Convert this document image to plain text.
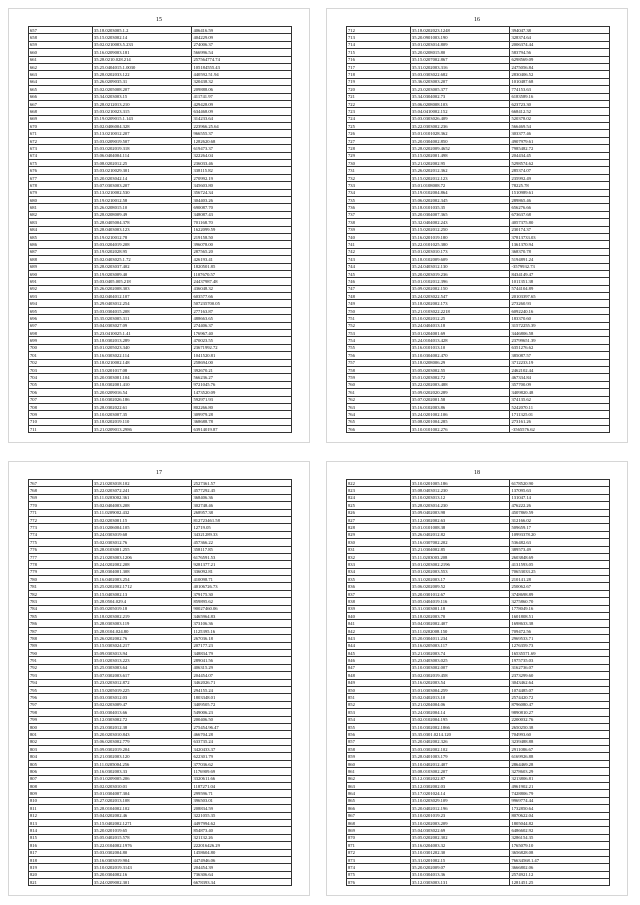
15
657	35.18.0203005.1.2	406416.59
658	35.15.0203002.14	404229.09
659	35.02.0210003.5.233	274006.37
660	35.16.0209003.181	566996.54
661	35.28.0210.028.214	257564774.74
662	35.25.0404015.1.0030	105184555.43
663	35.28.0202033.122	440592.51.94
664	35.26.0209035.31	320438.32
665	35.02.0205008.207	209888.06
666	35.34.0203003.15	411741.97
667	35.28.0212013.210	429428.09
668	35.03.0210023.315	634468.09
669	35.19.0209015.1.143	314233.64
670	35.02.0406004.328	223966.25.64
671	35.13.0210012.207	966555.37
672	35.03.0209019.507	1282620.68
673	35.03.0202019.318	619473.37
674	35.06.0404004.114	322264.04
675	35.08.0202012.25	236033.46
676	35.03.0210029.301	338115.82
677	35.20.0203042.14	270992.19
678	35.07.0303003.207	345603.80
679	35.13.0210002.530	356724.34
680	35.19.0210012.58	304403.26
681	35.26.0208015.10	690087.70
682	35.28.0208009.49	348087.43
683	35.28.0405004.378	701168.70
684	35.28.0403003.123	1622099.59
685	35.19.0210012.78	219158.50
686	35.03.0204019.208	396078.00
687	35.19.0202028.95	287565.20
688	35.02.0403025.1.72	426193.41
689	35.28.0203037.402	1820501.85
690	35.19.0203009.40	1107670.57
691	35.03.0405.005.218	24437987.48
692	35.26.0202008.303	436048.32
693	35.02.0404012.107	603577.66
694	35.29.0403012.254	507235700.05
695	35.03.0304015.208	277163.87
696	35.35.0203005.311	488663.65
697	35.04.0303027.09	274406.37
698	35.23.0410025.1.41	176967.40
699	35.18.0302013.289	470023.55
700	35.01.0205023.340	23671992.72
701	35.16.0303022.114	1041520.81
702	35.18.0210002.148	258694.00
703	35.15.0201017.08	392670.21
704	35.20.0303001.104	566236.27
705	35.18.0302001.410	9721045.76
706	35.20.0209016.54	1473520.09
707	35.10.0302026.186	592971.93
708	35.28.0302022.61	802266.80
709	35.10.0203007.35	309979.28
710	35.18.0202019.110	368688.78
711	35.21.0209013.2986	63914019.87
16
712	35.18.0202023.1248	394047.38
713	35.20.0901003.190	328374.64
714	35.01.0203014.809	2006374.44
715	35.20.0208015.80	583794.56
716	35.15.0207002.867	6298569.09
717	35.31.0202003.316	2475056.84
718	35.03.0303022.682	2830406.52
719	35.36.0203003.207	1010487.68
720	35.23.0203005.377	774153.63
721	35.34.0304002.73	6183589.16
722	35.06.0208008.103	623723.30
723	35.04.0410002.152	668412.52
724	35.03.0303026.409	520378.02
725	35.22.0303002.236	566469.54
726	35.01.0101028.362	303377.46
727	35.20.0304002.850	4907979.61
728	35.28.0202009.4652	7985482.72
729	35.15.0202001.498	204434.45
730	35.21.0202002.95	5298574.62
731	35.26.0202012.362	285374.07
732	35.15.0202012.123	235992.49
733	35.01.0108008.72	78225.78
734	35.19.0102004.864	1510989.61
735	35.06.0202002.345	289865.46
736	35.18.0101035.35	656276.66
737	35.20.0304007.365	673637.68
738	35.32.0404002.243	4057375.80
739	35.15.0202012.250	230174.37
740	35.16.0201019.180	37813733.03
741	35.22.0101025.380	1361370.94
742	35.01.0203010.173	368370.78
743	35.18.0102009.609	5194891.24
744	35.24.0403012.130	-3579932.73
745	35.20.0203019.236	8434149.47
746	35.01.0102012.396	1011351.38
747	35.09.0202002.150	5744104.89
748	35.24.0203022.547	20103397.65
749	35.18.0202002.173	273260.93
750	35.21.0103022.2218	6092240.16
751	35.10.0202012.25	183370.60
752	35.24.0404013.18	31572255.39
753	35.01.0204001.69	3446806.58
754	35.24.0104013.428	23799651.39
755	35.16.0101013.10	6351276.62
756	35.10.0304002.470	385087.57
757	35.18.0208006.29	3712233.19
758	35.05.0203002.55	2462102.44
759	35.01.0203002.72	467334.84
760	35.22.0202003.488	357700.09
761	35.09.0202020.289	3409820.48
762	35.07.0202001.58	374135.62
763	35.16.0102003.86	5242070.11
764	35.24.0201002.106	1711325.01
765	35.08.0201004.285	273161.26
766	35.10.0101002.276	-3565576.62
17
767	35.21.0203018.102	2527361.57
768	35.22.0203072.241	4577292.45
769	35.11.0203002.361	368406.36
770	35.02.0404003.208	302748.46
771	35.11.0209002.432	268957.38
772	35.02.0203001.15	812723461.58
773	35.01.0206004.105	12719.05
774	35.24.0303019.68	34321289.33
775	35.02.0303012.76	457366.22
776	35.28.0103001.255	358117.85
777	35.21.0203003.1206	6176591.53
778	35.24.0202002.208	9281377.21
779	35.28.0304001.308	336092.81
780	35.16.0402003.254	410098.71
781	35.25.0202002.1712	40106726.73
782	35.15.0403002.13	379175.30
783	35.28.0504.029.4	859895.62
784	35.05.0205019.18	90027460.06
785	35.18.0203002.219	3465964.83
786	35.28.0303003.119	373106.36
787	35.28.0104.024.80	1125395.16
788	35.26.0202002.76	267036.18
789	35.15.0303024.217	207177.23
790	35.09.0303013.94	348834.79
791	35.01.0203013.223	289041.56
792	35.25.0303003.64	406315.29
793	35.07.0302003.617	204454.07
794	35.23.0203012.872	3462026.71
795	35.15.0205019.225	294155.24
796	35.03.0303012.03	1803348.01
797	35.02.0203009.47	3409505.72
798	35.03.0304013.66	549006.23
799	35.12.0303002.72	200406.50
800	35.23.0302012.38	275454.96.47
801	35.20.0203010.843	466704.28
802	35.06.0203002.779	633735.24
803	35.09.0302019.204	3420433.37
804	35.21.0302003.120	622301.79
805	35.11.0205004.256	377036.62
806	35.16.0302003.33	1176909.69
807	35.01.0209005.206	3320611.66
808	35.02.0203010.01	1187271.04
809	35.01.0304007.304	299596.71
810	35.27.0202013.108	396503.01
811	35.28.0104002.102	208834.59
812	35.04.0202002.46	3221055.35
813	35.15.0402002.1271	4497994.62
814	35.20.0201019.65	854873.40
815	35.05.0402015.578	321132.26
816	35.22.0104002.1976	222016426.29
817	35.03.0302004.80	1458604.80
818	35.16.0303019.904	4474946.06
819	35.10.0202019.3143	204454.39
820	35.20.0304002.16	736306.64
821	35.24.0209002.301	6678393.34
18
822	35.10.0201005.186	6178520.90
823	35.08.0403012.230	137095.63
824	35.10.0203013.12	131047.14
825	35.28.0203014.230	476222.26
826	35.09.0402003.98	4507869.59
827	35.12.0302002.63	312166.02
828	35.01.0101008.38	509659.17
829	35.26.0402012.82	10993378.20
830	35.16.0307002.202	536482.63
831	35.21.0304002.85	389573.49
832	35.11.0203003.208	2603848.69
833	35.01.0203002.2196	4131593.05
834	35.01.0202003.553	70653033.25
835	35.31.0202003.17	210141.28
836	35.06.0202009.52	250062.67
837	35.20.0301012.67	3748698.89
838	35.05.0404019.116	3275860.70
839	35.31.0303001.18	1778049.16
840	35.18.0202003.70	1601808.51
841	35.04.0302002.407	1698633.38
842	35.11.0202008.150	709472.56
843	35.20.0304011.234	2969533.71
844	35.16.0205003.117	1276359.73
845	35.21.0302003.74	16535571.69
846	35.23.0403003.025	1975735.03
847	35.10.0303002.007	3162736.07
848	35.02.0302019.458	2373299.60
849	35.16.0202003.54	3043462.64
850	35.01.0303004.259	1074485.07
851	35.02.0402013.10	2574420.72
852	35.21.0204004.06	8796080.47
853	35.24.0302004.14	9890810.27
854	35.02.0102004.195	2200032.76
855	35.10.0302002.1866	2650250.38
856	35.35.0301.0214.120	704993.60
857	35.20.0402002.326	3239488.88
858	35.03.0302002.102	2911086.67
859	35.28.0401003.179	6169926.88
860	35.10.0402012.407	2864469.28
861	35.08.0103002.207	3278603.29
862	35.12.0302022.87	3213806.81
863	35.12.0302002.03	4961902.21
864	35.17.0201024.14	7428806.79
865	35.10.0203029.109	9969774.44
866	35.20.0402012.196	1732850.64
867	35.10.0201019.23	8070622.04
868	35.10.0202003.209	1805044.82
869	35.04.0303022.69	6486602.92
870	35.05.0202002.302	3286154.35
871	35.16.0204003.32	1765079.10
872	35.10.0301202.30	3656828.08
873	35.31.0201002.15	76634568.1.47
874	35.20.0202009.07	3666802.06
875	35.10.0304013.36	2574921.12
876	35.12.0303003.131	1281451.25
